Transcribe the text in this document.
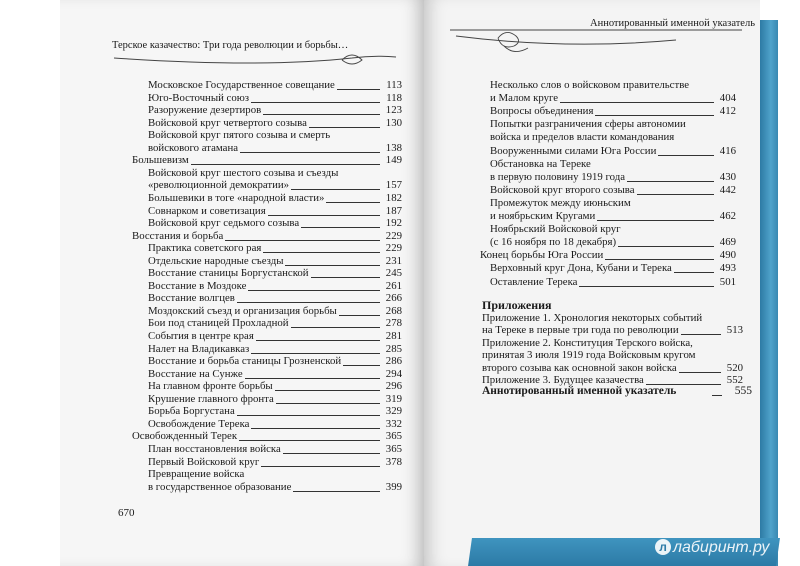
л лабиринт.ру
Терское казачество: Три года революции и борьбы…
Аннотированный именной указатель
670
Московское Государственное совещание	113
Юго-Восточный союз	118
Разоружение дезертиров	123
Войсковой круг четвертого созыва	130
Войсковой круг пятого созыва и смерть
войскового атамана	138
Большевизм	149
Войсковой круг шестого созыва и съезды
«революционной демократии»	157
Большевики в тоге «народной власти»	182
Совнарком и советизация	187
Войсковой круг седьмого созыва	192
Восстания и борьба	229
Практика советского рая	229
Отдельские народные съезды	231
Восстание станицы Боргустанской	245
Восстание в Моздоке	261
Восстание волгцев	266
Моздокский съезд и организация борьбы	268
Бои под станицей Прохладной	278
События в центре края	281
Налет на Владикавказ	285
Восстание и борьба станицы Грозненской	286
Восстание на Сунже	294
На главном фронте борьбы	296
Крушение главного фронта	319
Борьба Боргустана	329
Освобождение Терека	332
Освобожденный Терек	365
План восстановления войска	365
Первый Войсковой круг	378
Превращение войска
в государственное образование	399
Несколько слов о войсковом правительстве
и Малом круге	404
Вопросы объединения	412
Попытки разграничения сферы автономии
войска и пределов власти командования
Вооруженными силами Юга России	416
Обстановка на Тереке
в первую половину 1919 года	430
Войсковой круг второго созыва	442
Промежуток между июньским
и ноябрьским Кругами	462
Ноябрьский Войсковой круг
(с 16 ноября по 18 декабря)	469
Конец борьбы Юга России	490
Верховный круг Дона, Кубани и Терека	493
Оставление Терека	501
Приложения
Приложение 1. Хронология некоторых событий
на Тереке в первые три года по революции	513
Приложение 2. Конституция Терского войска,
принятая 3 июля 1919 года Войсковым кругом
второго созыва как основной закон войска	520
Приложение 3. Будущее казачества	552
Аннотированный именной указатель	555
